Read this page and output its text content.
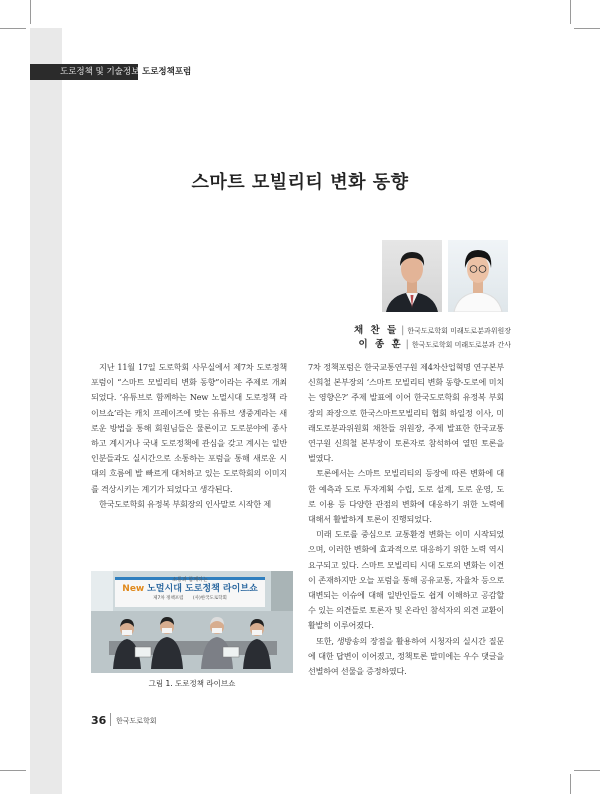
도로정책 및 기술정보 도로정책포럼
스마트 모빌리티 변화 동향
채 찬 들 | 한국도로학회 미래도로분과위원장
이 종 훈 | 한국도로학회 미래도로분과 간사

지난 11월 17일 도로학회 사무실에서 제7차 도로정책포럼이 “스마트 모빌리티 변화 동향”이라는 주제로 개최되었다. ‘유튜브로 함께하는 New 노멀시대 도로정책 라이브쇼’라는 캐치 프레이즈에 맞는 유튜브 생중계라는 새로운 방법을 통해 회원님들은 물론이고 도로분야에 종사하고 계시거나 국내 도로정책에 관심을 갖고 계시는 일반인분들과도 실시간으로 소통하는 포럼을 통해 새로운 시대의 흐름에 발 빠르게 대처하고 있는 도로학회의 이미지를 격상시키는 계기가 되었다고 생각된다.

한국도로학회 유정복 부회장의 인사말로 시작한 제

7차 정책포럼은 한국교통연구원 제4차산업혁명 연구본부 신희철 본부장의 ‘스마트 모빌리티 변화 동향-도로에 미치는 영향은?’ 주제 발표에 이어 한국도로학회 유정복 부회장의 좌장으로 한국스마트모빌리티 협회 하일정 이사, 미래도로분과위원회 채찬들 위원장, 주제 발표한 한국교통연구원 신희철 본부장이 토론자로 참석하여 열띤 토론을 벌였다.

토론에서는 스마트 모빌리티의 등장에 따른 변화에 대한 예측과 도로 투자계획 수립, 도로 설계, 도로 운영, 도로 이용 등 다양한 관점의 변화에 대응하기 위한 노력에 대해서 활발하게 토론이 진행되었다.

미래 도로를 중심으로 교통환경 변화는 이미 시작되었으며, 이러한 변화에 효과적으로 대응하기 위한 노력 역시 요구되고 있다. 스마트 모빌리티 시대 도로의 변화는 이견이 존재하지만 오늘 포럼을 통해 공유교통, 자율차 등으로 대변되는 이슈에 대해 일반인들도 쉽게 이해하고 공감할 수 있는 의견들로 토론자 및 온라인 참석자의 의견 교환이 활발히 이루어졌다.

또한, 생방송의 장점을 활용하여 시청자의 실시간 질문에 대한 답변이 이어졌고, 정책토론 말미에는 우수 댓글을 선별하여 선물을 증정하였다.

소통과 함께하는
New 노멀시대 도로정책 라이브쇼
제7차 정책포럼 (사)한국도로학회
그림 1. 도로정책 라이브쇼
36 한국도로학회
